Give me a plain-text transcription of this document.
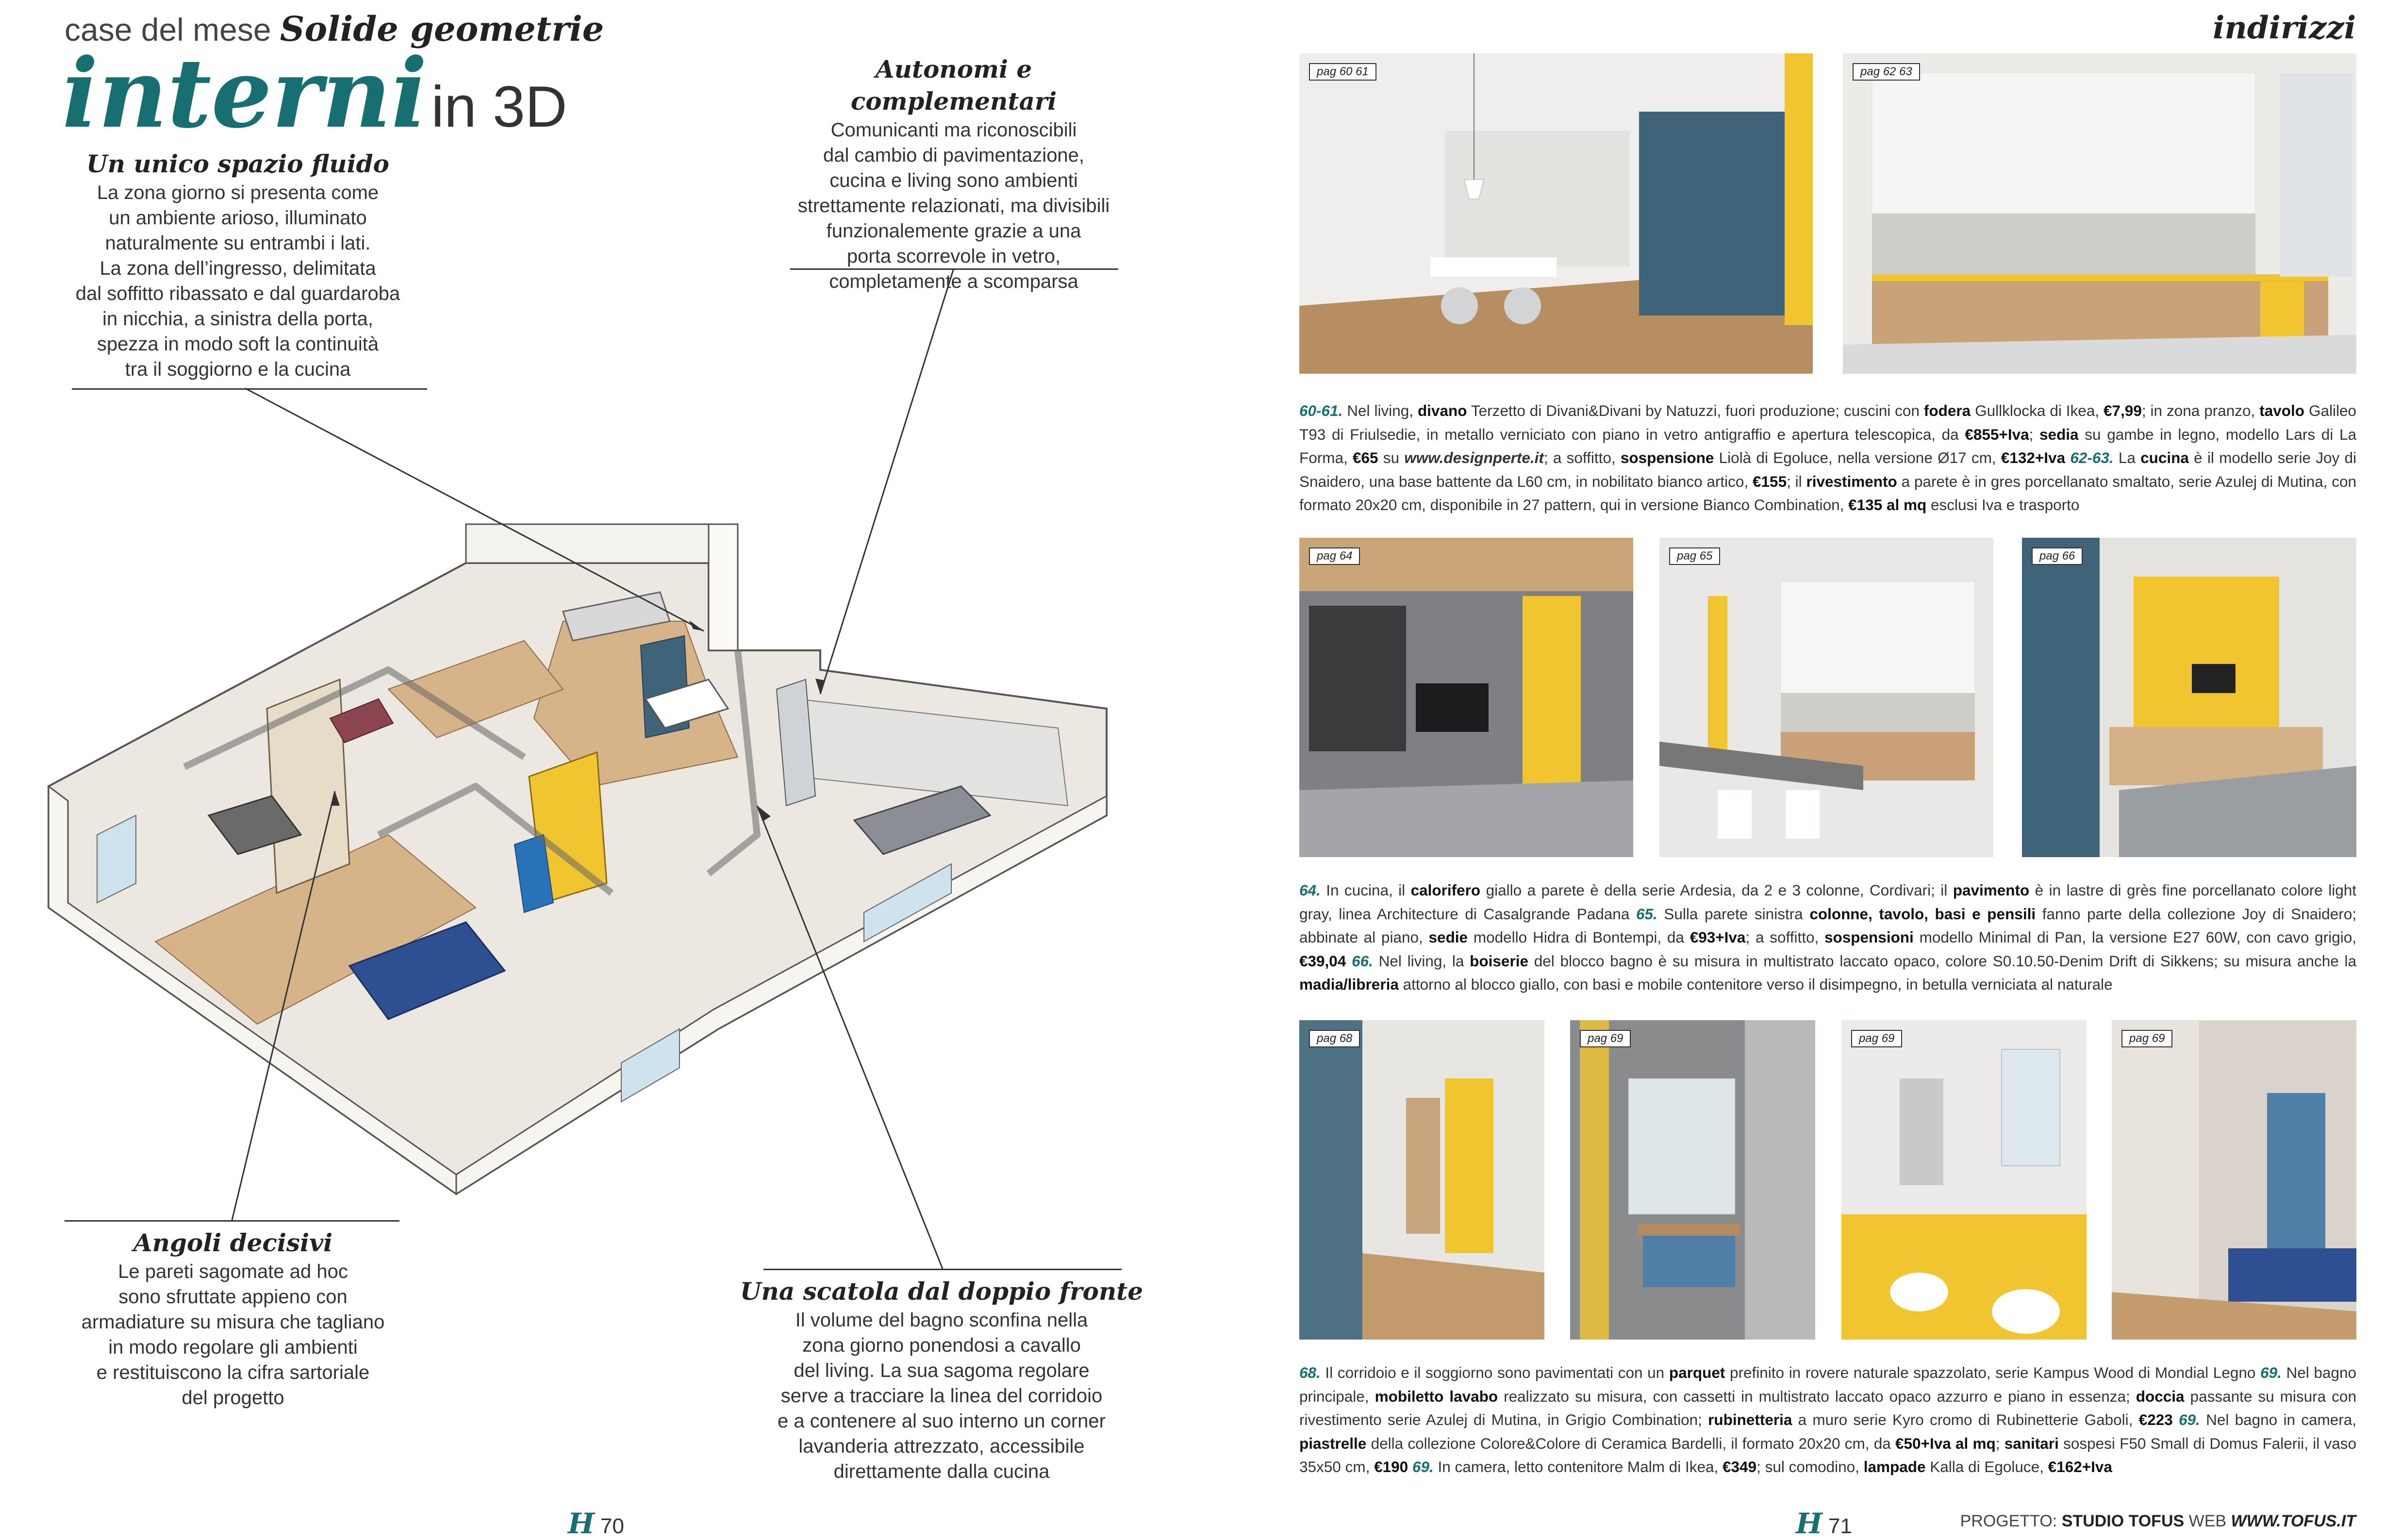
case del mese Solide geometrie
interniin 3D
Un unico spazio fluido
La zona giorno si presenta come
un ambiente arioso, illuminato
naturalmente su entrambi i lati.
La zona dell’ingresso, delimitata
dal soffitto ribassato e dal guardaroba
in nicchia, a sinistra della porta,
spezza in modo soft la continuità
tra il soggiorno e la cucina
Autonomi e complementari
Comunicanti ma riconoscibili
dal cambio di pavimentazione,
cucina e living sono ambienti
strettamente relazionati, ma divisibili
funzionalemente grazie a una
porta scorrevole in vetro,
completamente a scomparsa
Angoli decisivi
Le pareti sagomate ad hoc
sono sfruttate appieno con
armadiature su misura che tagliano
in modo regolare gli ambienti
e restituiscono la cifra sartoriale
del progetto
Una scatola dal doppio fronte
Il volume del bagno sconfina nella
zona giorno ponendosi a cavallo
del living. La sua sagoma regolare
serve a tracciare la linea del corridoio
e a contenere al suo interno un corner
lavanderia attrezzato, accessibile
direttamente dalla cucina
H 70
indirizzi
pag 60 61	pag 62 63
60-61. Nel living, divano Terzetto di Divani&Divani by Natuzzi, fuori produzione; cuscini con fodera Gullklocka di Ikea, €7,99; in zona pranzo, tavolo Galileo T93 di Friulsedie, in metallo verniciato con piano in vetro antigraffio e apertura telescopica, da €855+Iva; sedia su gambe in legno, modello Lars di La Forma, €65 su www.designperte.it; a soffitto, sospensione Liolà di Egoluce, nella versione Ø17 cm, €132+Iva 62-63. La cucina è il modello serie Joy di Snaidero, una base battente da L60 cm, in nobilitato bianco artico, €155; il rivestimento a parete è in gres porcellanato smaltato, serie Azulej di Mutina, con formato 20x20 cm, disponibile in 27 pattern, qui in versione Bianco Combination, €135 al mq esclusi Iva e trasporto
pag 64	pag 65	pag 66
64. In cucina, il calorifero giallo a parete è della serie Ardesia, da 2 e 3 colonne, Cordivari; il pavimento è in lastre di grès fine porcellanato colore light gray, linea Architecture di Casalgrande Padana 65. Sulla parete sinistra colonne, tavolo, basi e pensili fanno parte della collezione Joy di Snaidero; abbinate al piano, sedie modello Hidra di Bontempi, da €93+Iva; a soffitto, sospensioni modello Minimal di Pan, la versione E27 60W, con cavo grigio, €39,04 66. Nel living, la boiserie del blocco bagno è su misura in multistrato laccato opaco, colore S0.10.50-Denim Drift di Sikkens; su misura anche la madia/libreria attorno al blocco giallo, con basi e mobile contenitore verso il disimpegno, in betulla verniciata al naturale
pag 68	pag 69	pag 69	pag 69
68. Il corridoio e il soggiorno sono pavimentati con un parquet prefinito in rovere naturale spazzolato, serie Kampus Wood di Mondial Legno 69. Nel bagno principale, mobiletto lavabo realizzato su misura, con cassetti in multistrato laccato opaco azzurro e piano in essenza; doccia passante su misura con rivestimento serie Azulej di Mutina, in Grigio Combination; rubinetteria a muro serie Kyro cromo di Rubinetterie Gaboli, €223 69. Nel bagno in camera, piastrelle della collezione Colore&Colore di Ceramica Bardelli, il formato 20x20 cm, da €50+Iva al mq; sanitari sospesi F50 Small di Domus Falerii, il vaso 35x50 cm, €190 69. In camera, letto contenitore Malm di Ikea, €349; sul comodino, lampade Kalla di Egoluce, €162+Iva
H 71	PROGETTO: STUDIO TOFUS WEB WWW.TOFUS.IT
